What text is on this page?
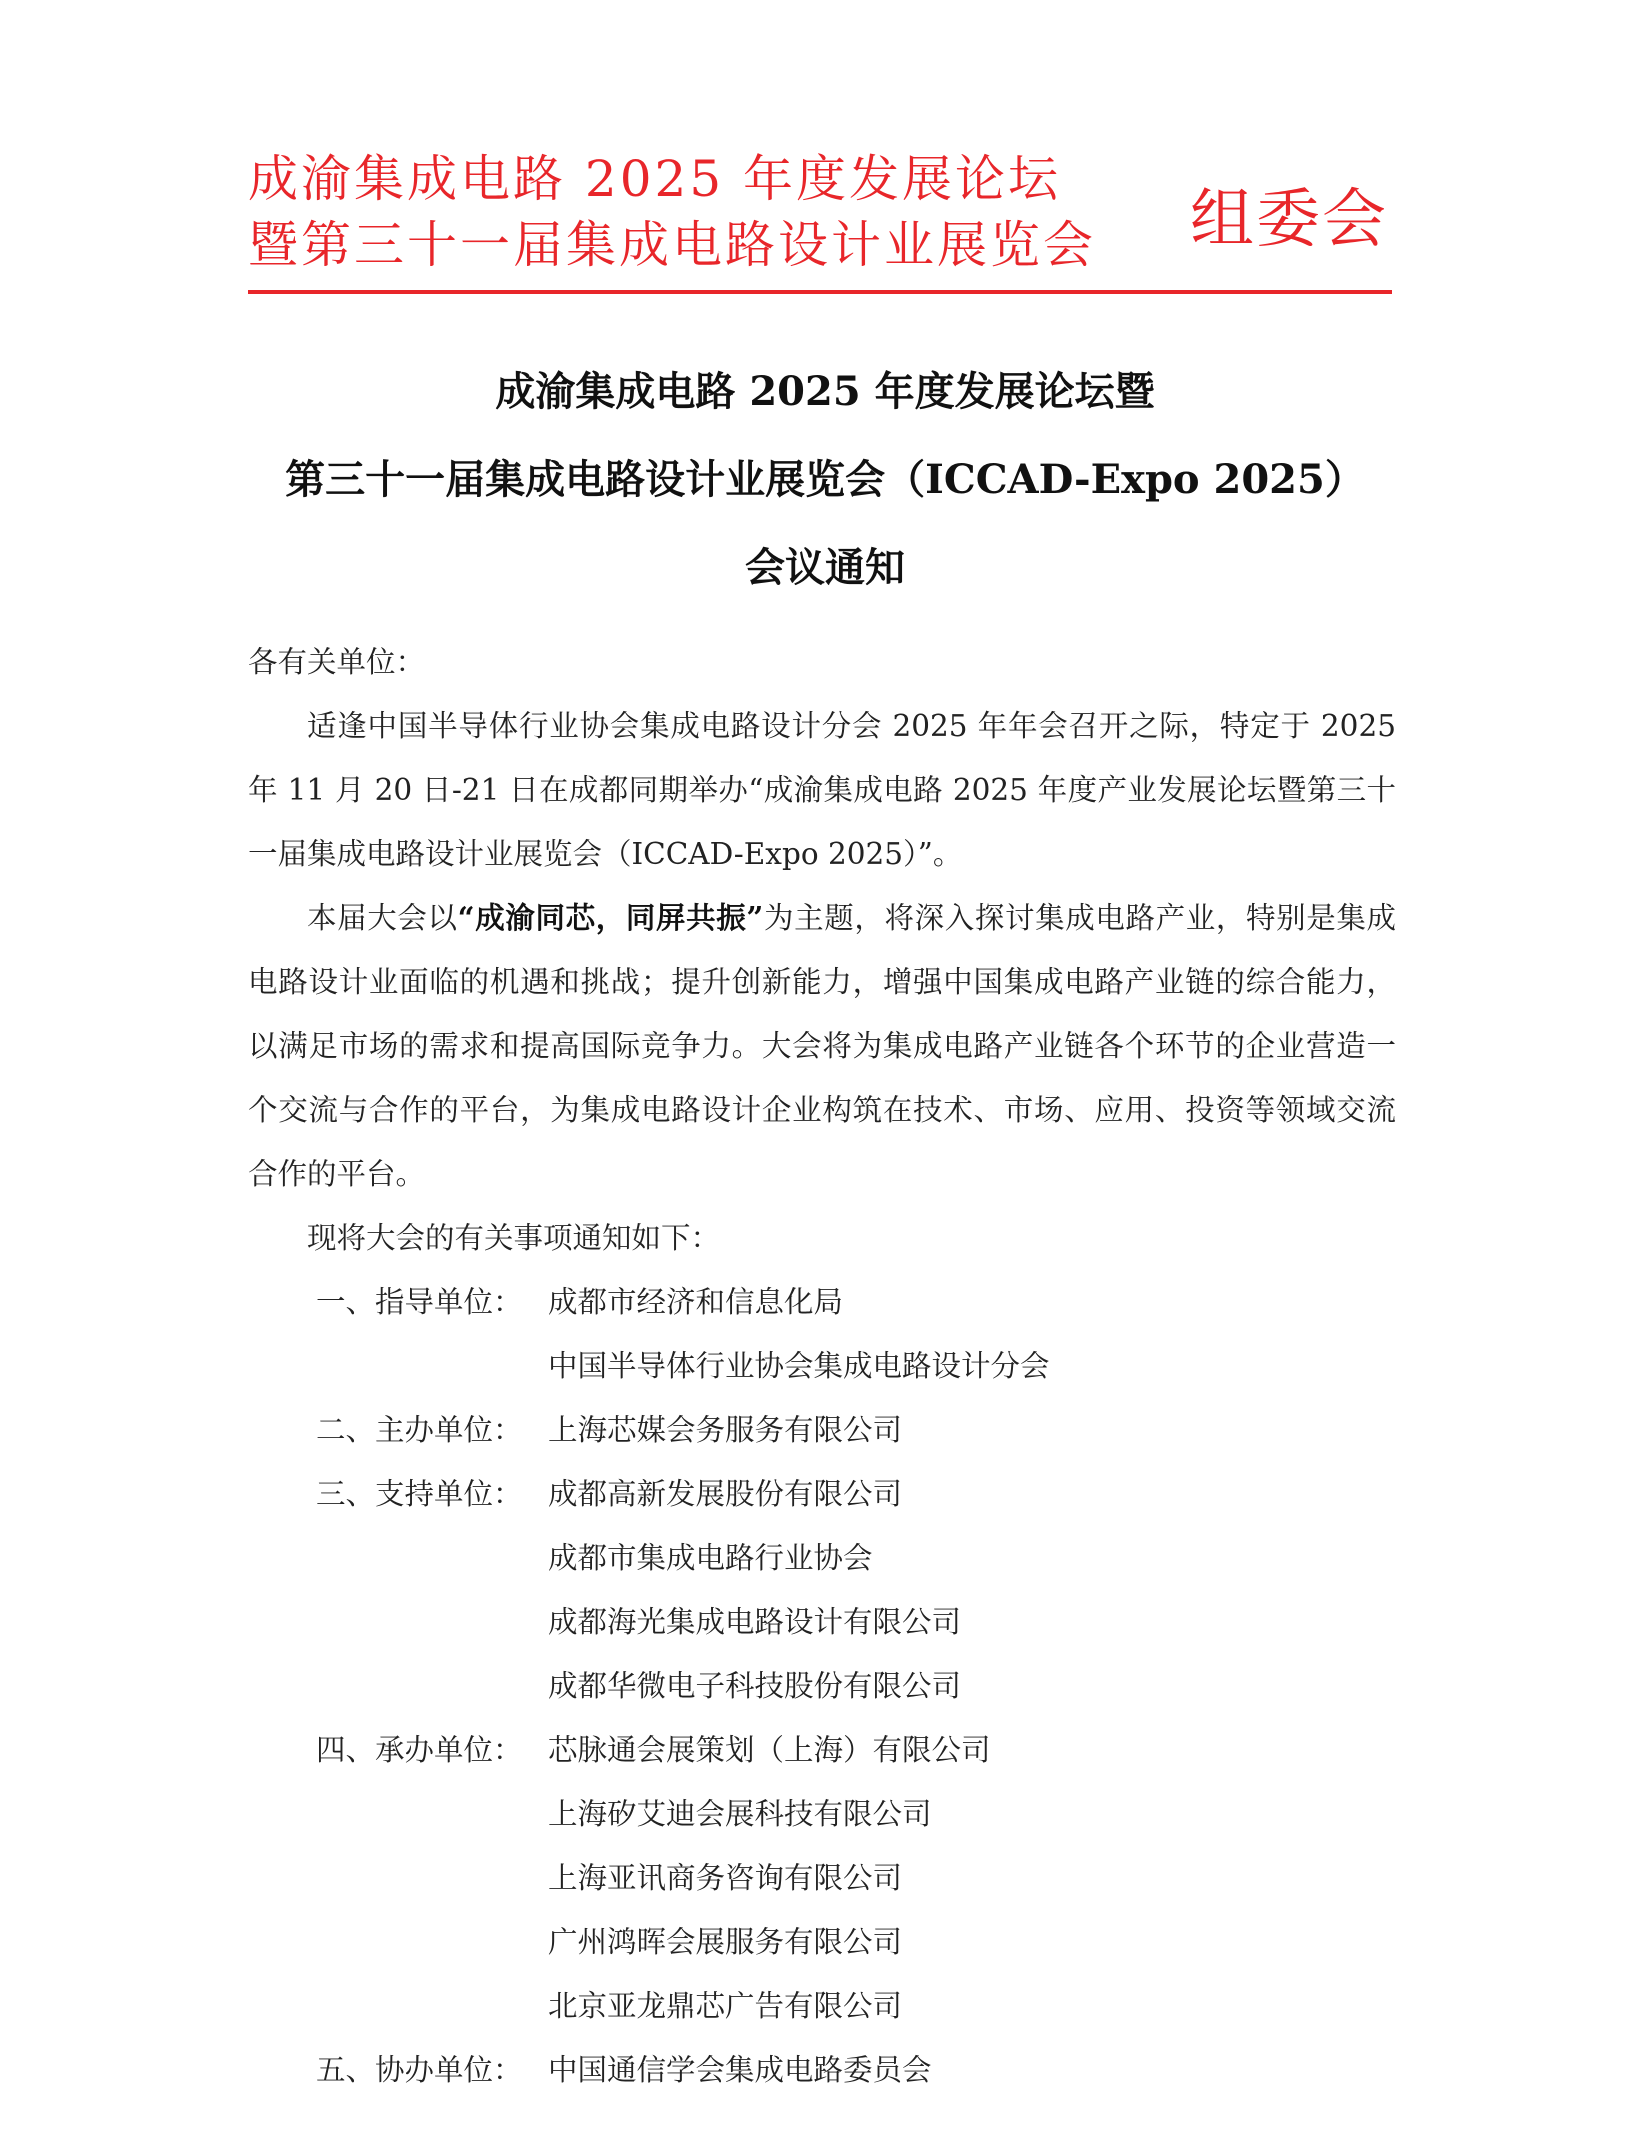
成渝集成电路 2025 年度发展论坛
暨第三十一届集成电路设计业展览会 组委会
成渝集成电路 2025 年度发展论坛暨
第三十一届集成电路设计业展览会（ICCAD-Expo 2025）
会议通知

各有关单位：

适逢中国半导体行业协会集成电路设计分会 2025 年年会召开之际，特定于 2025 年 11 月 20 日-21 日在成都同期举办“成渝集成电路 2025 年度产业发展论坛暨第三十一届集成电路设计业展览会（ICCAD-Expo 2025）”。

本届大会以“成渝同芯，同屏共振”为主题，将深入探讨集成电路产业，特别是集成电路设计业面临的机遇和挑战；提升创新能力，增强中国集成电路产业链的综合能力，以满足市场的需求和提高国际竞争力。大会将为集成电路产业链各个环节的企业营造一个交流与合作的平台，为集成电路设计企业构筑在技术、市场、应用、投资等领域交流合作的平台。

现将大会的有关事项通知如下：

一、指导单位： 成都市经济和信息化局
中国半导体行业协会集成电路设计分会
二、主办单位： 上海芯媒会务服务有限公司
三、支持单位： 成都高新发展股份有限公司
成都市集成电路行业协会
成都海光集成电路设计有限公司
成都华微电子科技股份有限公司
四、承办单位： 芯脉通会展策划（上海）有限公司
上海矽艾迪会展科技有限公司
上海亚讯商务咨询有限公司
广州鸿晖会展服务有限公司
北京亚龙鼎芯广告有限公司
五、协办单位： 中国通信学会集成电路委员会
